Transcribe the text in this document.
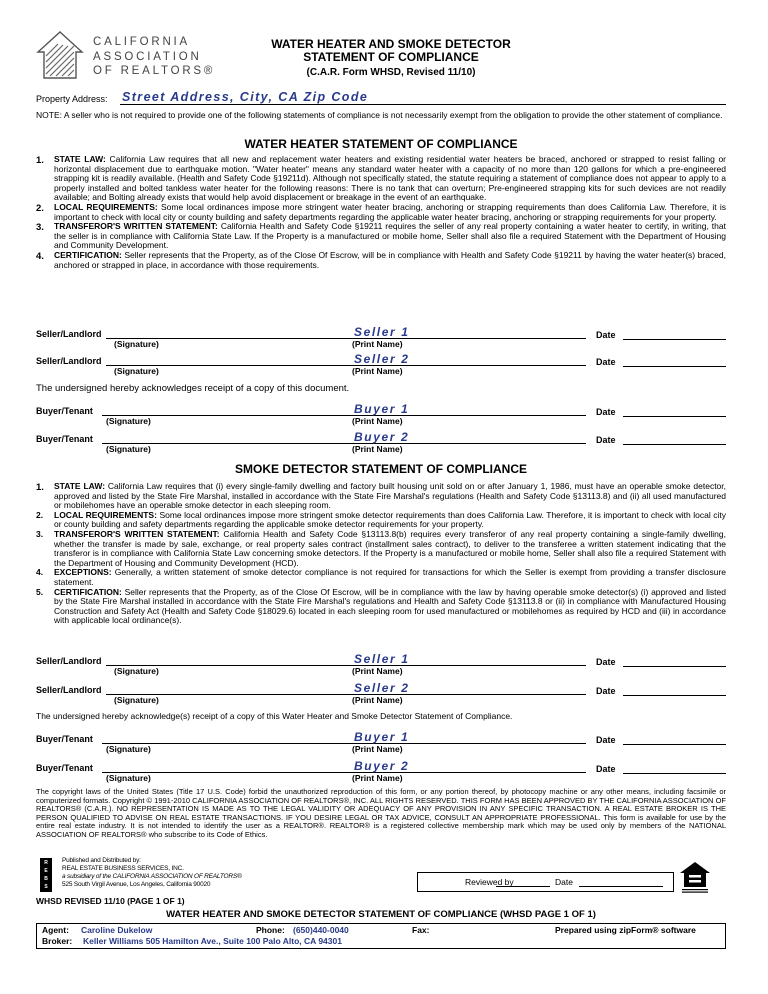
CALIFORNIA
ASSOCIATION
OF REALTORS®
WATER HEATER AND SMOKE DETECTOR
STATEMENT OF COMPLIANCE
(C.A.R. Form WHSD, Revised 11/10)
Property Address: Street Address, City, CA Zip Code
NOTE: A seller who is not required to provide one of the following statements of compliance is not necessarily exempt from the obligation to provide the other statement of compliance.
WATER HEATER STATEMENT OF COMPLIANCE
1. STATE LAW: California Law requires that all new and replacement water heaters and existing residential water heaters be braced, anchored or strapped to resist falling or horizontal displacement due to earthquake motion. "Water heater" means any standard water heater with a capacity of no more than 120 gallons for which a pre-engineered strapping kit is readily available. (Health and Safety Code §19211d). Although not specifically stated, the statute requiring a statement of compliance does not appear to apply to a properly installed and bolted tankless water heater for the following reasons: There is no tank that can overturn; Pre-engineered strapping kits for such devices are not readily available; and Bolting already exists that would help avoid displacement or breakage in the event of an earthquake.
2. LOCAL REQUIREMENTS: Some local ordinances impose more stringent water heater bracing, anchoring or strapping requirements than does California Law. Therefore, it is important to check with local city or county building and safety departments regarding the applicable water heater bracing, anchoring or strapping requirements for your property.
3. TRANSFEROR'S WRITTEN STATEMENT: California Health and Safety Code §19211 requires the seller of any real property containing a water heater to certify, in writing, that the seller is in compliance with California State Law. If the Property is a manufactured or mobile home, Seller shall also file a required Statement with the Department of Housing and Community Development.
4. CERTIFICATION: Seller represents that the Property, as of the Close Of Escrow, will be in compliance with Health and Safety Code §19211 by having the water heater(s) braced, anchored or strapped in place, in accordance with those requirements.
Seller/Landlord	Seller 1
(Signature)	(Print Name)
Date
Seller/Landlord	Seller 2
(Signature)	(Print Name)
Date
The undersigned hereby acknowledges receipt of a copy of this document.
Buyer/Tenant	Buyer 1
(Signature)	(Print Name)
Date
Buyer/Tenant	Buyer 2
(Signature)	(Print Name)
Date
SMOKE DETECTOR STATEMENT OF COMPLIANCE
1. STATE LAW: California Law requires that (i) every single-family dwelling and factory built housing unit sold on or after January 1, 1986, must have an operable smoke detector, approved and listed by the State Fire Marshal, installed in accordance with the State Fire Marshal's regulations (Health and Safety Code §13113.8) and (ii) all used manufactured or mobilehomes have an operable smoke detector in each sleeping room.
2. LOCAL REQUIREMENTS: Some local ordinances impose more stringent smoke detector requirements than does California Law. Therefore, it is important to check with local city or county building and safety departments regarding the applicable smoke detector requirements for your property.
3. TRANSFEROR'S WRITTEN STATEMENT: California Health and Safety Code §13113.8(b) requires every transferor of any real property containing a single-family dwelling, whether the transfer is made by sale, exchange, or real property sales contract (installment sales contract), to deliver to the transferee a written statement indicating that the transferor is in compliance with California State Law concerning smoke detectors. If the Property is a manufactured or mobile home, Seller shall also file a required Statement with the Department of Housing and Community Development (HCD).
4. EXCEPTIONS: Generally, a written statement of smoke detector compliance is not required for transactions for which the Seller is exempt from providing a transfer disclosure statement.
5. CERTIFICATION: Seller represents that the Property, as of the Close Of Escrow, will be in compliance with the law by having operable smoke detector(s) (i) approved and listed by the State Fire Marshal installed in accordance with the State Fire Marshal's regulations and Health and Safety Code §13113.8 or (ii) in compliance with Manufactured Housing Construction and Safety Act (Health and Safety Code §18029.6) located in each sleeping room for used manufactured or mobilehomes as required by HCD and (iii) in accordance with applicable local ordinance(s).
Seller/Landlord	Seller 1
(Signature)	(Print Name)
Date
Seller/Landlord	Seller 2
(Signature)	(Print Name)
Date
The undersigned hereby acknowledge(s) receipt of a copy of this Water Heater and Smoke Detector Statement of Compliance.
Buyer/Tenant	Buyer 1
(Signature)	(Print Name)
Date
Buyer/Tenant	Buyer 2
(Signature)	(Print Name)
Date
The copyright laws of the United States (Title 17 U.S. Code) forbid the unauthorized reproduction of this form, or any portion thereof, by photocopy machine or any other means, including facsimile or computerized formats. Copyright © 1991-2010 CALIFORNIA ASSOCIATION OF REALTORS®, INC. ALL RIGHTS RESERVED. THIS FORM HAS BEEN APPROVED BY THE CALIFORNIA ASSOCIATION OF REALTORS® (C.A.R.). NO REPRESENTATION IS MADE AS TO THE LEGAL VALIDITY OR ADEQUACY OF ANY PROVISION IN ANY SPECIFIC TRANSACTION. A REAL ESTATE BROKER IS THE PERSON QUALIFIED TO ADVISE ON REAL ESTATE TRANSACTIONS. IF YOU DESIRE LEGAL OR TAX ADVICE, CONSULT AN APPROPRIATE PROFESSIONAL. This form is available for use by the entire real estate industry. It is not intended to identify the user as a REALTOR®. REALTOR® is a registered collective membership mark which may be used only by members of the NATIONAL ASSOCIATION OF REALTORS® who subscribe to its Code of Ethics.
R
E
B
S
Published and Distributed by:
REAL ESTATE BUSINESS SERVICES, INC.
a subsidiary of the CALIFORNIA ASSOCIATION OF REALTORS®
525 South Virgil Avenue, Los Angeles, California 90020	Reviewed by	Date
WHSD REVISED 11/10 (PAGE 1 OF 1)
WATER HEATER AND SMOKE DETECTOR STATEMENT OF COMPLIANCE (WHSD PAGE 1 OF 1)
Agent: Caroline Dukelow	Phone: (650)440-0040	Fax:	Prepared using zipForm® software
Broker: Keller Williams 505 Hamilton Ave., Suite 100 Palo Alto, CA 94301
